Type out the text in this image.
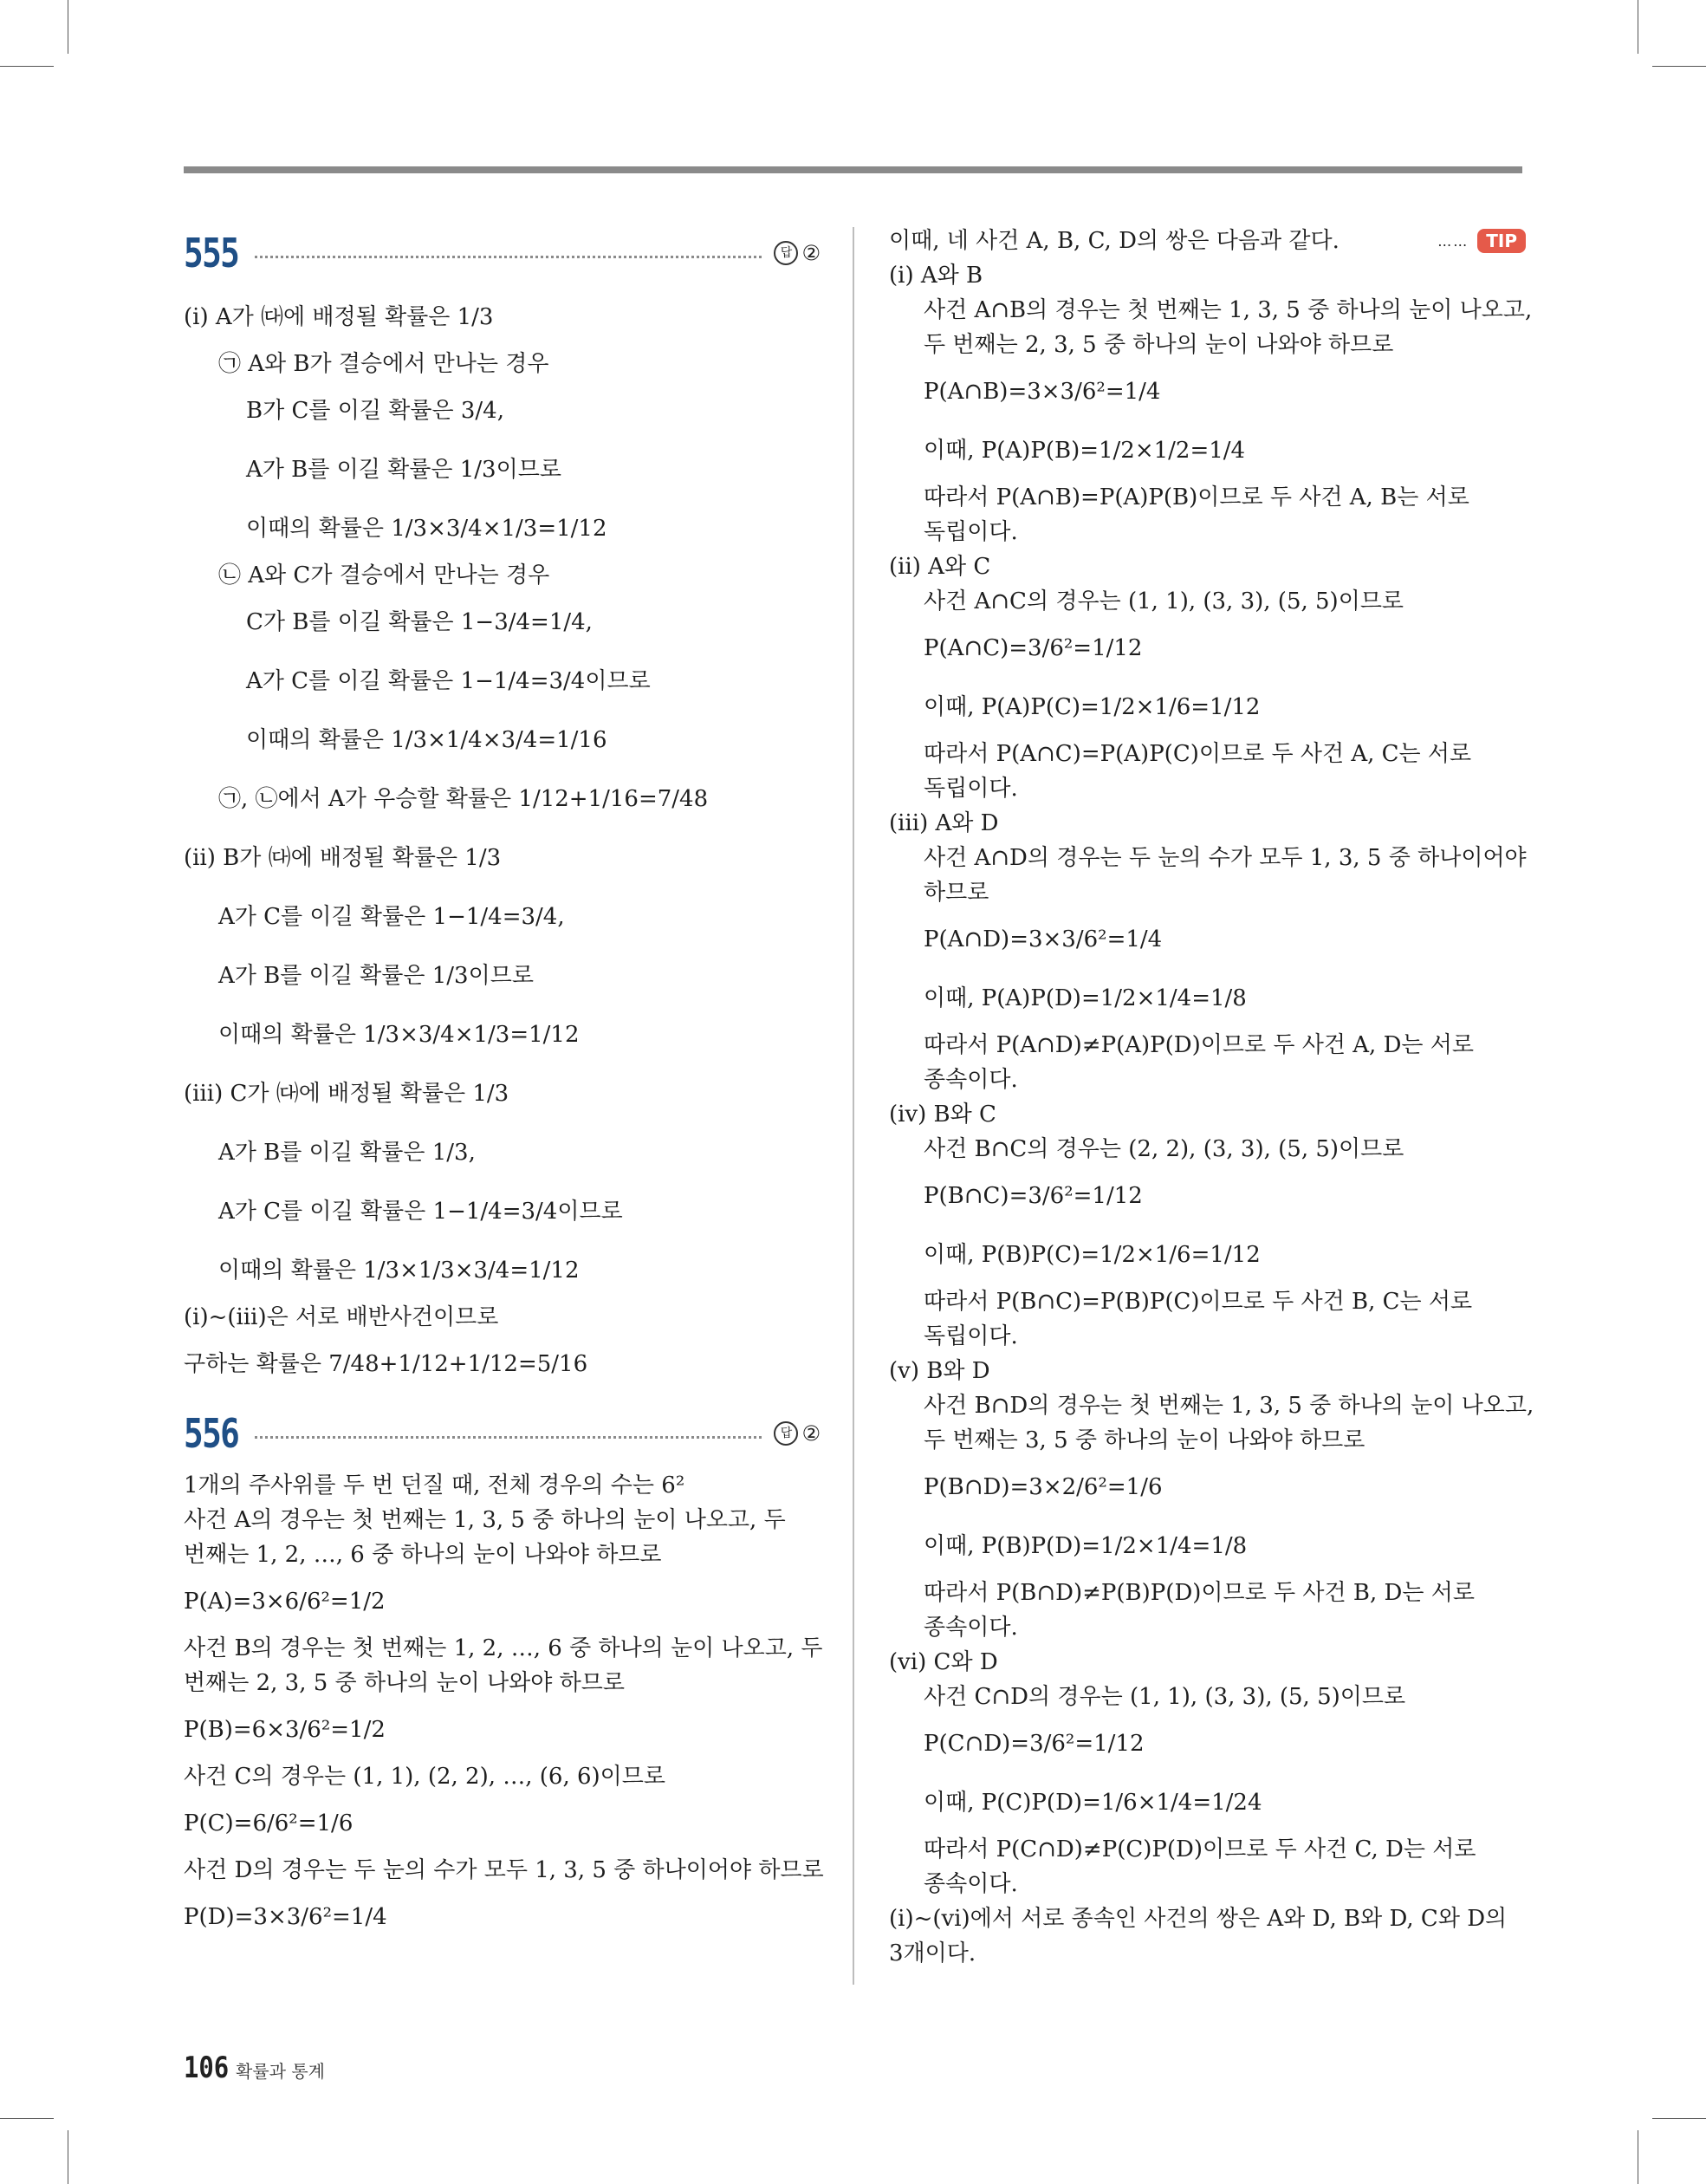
555	답 ②
(ⅰ) A가 ㈐에 배정될 확률은 1/3
㉠ A와 B가 결승에서 만나는 경우
B가 C를 이길 확률은 3/4,
A가 B를 이길 확률은 1/3이므로
이때의 확률은 1/3×3/4×1/3=1/12
㉡ A와 C가 결승에서 만나는 경우
C가 B를 이길 확률은 1−3/4=1/4,
A가 C를 이길 확률은 1−1/4=3/4이므로
이때의 확률은 1/3×1/4×3/4=1/16
㉠, ㉡에서 A가 우승할 확률은 1/12+1/16=7/48
(ⅱ) B가 ㈐에 배정될 확률은 1/3
A가 C를 이길 확률은 1−1/4=3/4,
A가 B를 이길 확률은 1/3이므로
이때의 확률은 1/3×3/4×1/3=1/12
(ⅲ) C가 ㈐에 배정될 확률은 1/3
A가 B를 이길 확률은 1/3,
A가 C를 이길 확률은 1−1/4=3/4이므로
이때의 확률은 1/3×1/3×3/4=1/12
(ⅰ)~(ⅲ)은 서로 배반사건이므로
구하는 확률은 7/48+1/12+1/12=5/16
556	답 ②
1개의 주사위를 두 번 던질 때, 전체 경우의 수는 6²
사건 A의 경우는 첫 번째는 1, 3, 5 중 하나의 눈이 나오고, 두
번째는 1, 2, …, 6 중 하나의 눈이 나와야 하므로
P(A)=3×6/6²=1/2
사건 B의 경우는 첫 번째는 1, 2, …, 6 중 하나의 눈이 나오고, 두
번째는 2, 3, 5 중 하나의 눈이 나와야 하므로
P(B)=6×3/6²=1/2
사건 C의 경우는 (1, 1), (2, 2), …, (6, 6)이므로
P(C)=6/6²=1/6
사건 D의 경우는 두 눈의 수가 모두 1, 3, 5 중 하나이어야 하므로
P(D)=3×3/6²=1/4
이때, 네 사건 A, B, C, D의 쌍은 다음과 같다.	……	TIP
(ⅰ) A와 B
사건 A∩B의 경우는 첫 번째는 1, 3, 5 중 하나의 눈이 나오고,
두 번째는 2, 3, 5 중 하나의 눈이 나와야 하므로
P(A∩B)=3×3/6²=1/4
이때, P(A)P(B)=1/2×1/2=1/4
따라서 P(A∩B)=P(A)P(B)이므로 두 사건 A, B는 서로
독립이다.
(ⅱ) A와 C
사건 A∩C의 경우는 (1, 1), (3, 3), (5, 5)이므로
P(A∩C)=3/6²=1/12
이때, P(A)P(C)=1/2×1/6=1/12
따라서 P(A∩C)=P(A)P(C)이므로 두 사건 A, C는 서로
독립이다.
(ⅲ) A와 D
사건 A∩D의 경우는 두 눈의 수가 모두 1, 3, 5 중 하나이어야
하므로
P(A∩D)=3×3/6²=1/4
이때, P(A)P(D)=1/2×1/4=1/8
따라서 P(A∩D)≠P(A)P(D)이므로 두 사건 A, D는 서로
종속이다.
(ⅳ) B와 C
사건 B∩C의 경우는 (2, 2), (3, 3), (5, 5)이므로
P(B∩C)=3/6²=1/12
이때, P(B)P(C)=1/2×1/6=1/12
따라서 P(B∩C)=P(B)P(C)이므로 두 사건 B, C는 서로
독립이다.
(ⅴ) B와 D
사건 B∩D의 경우는 첫 번째는 1, 3, 5 중 하나의 눈이 나오고,
두 번째는 3, 5 중 하나의 눈이 나와야 하므로
P(B∩D)=3×2/6²=1/6
이때, P(B)P(D)=1/2×1/4=1/8
따라서 P(B∩D)≠P(B)P(D)이므로 두 사건 B, D는 서로
종속이다.
(ⅵ) C와 D
사건 C∩D의 경우는 (1, 1), (3, 3), (5, 5)이므로
P(C∩D)=3/6²=1/12
이때, P(C)P(D)=1/6×1/4=1/24
따라서 P(C∩D)≠P(C)P(D)이므로 두 사건 C, D는 서로
종속이다.
(ⅰ)~(ⅵ)에서 서로 종속인 사건의 쌍은 A와 D, B와 D, C와 D의
3개이다.
106 확률과 통계
